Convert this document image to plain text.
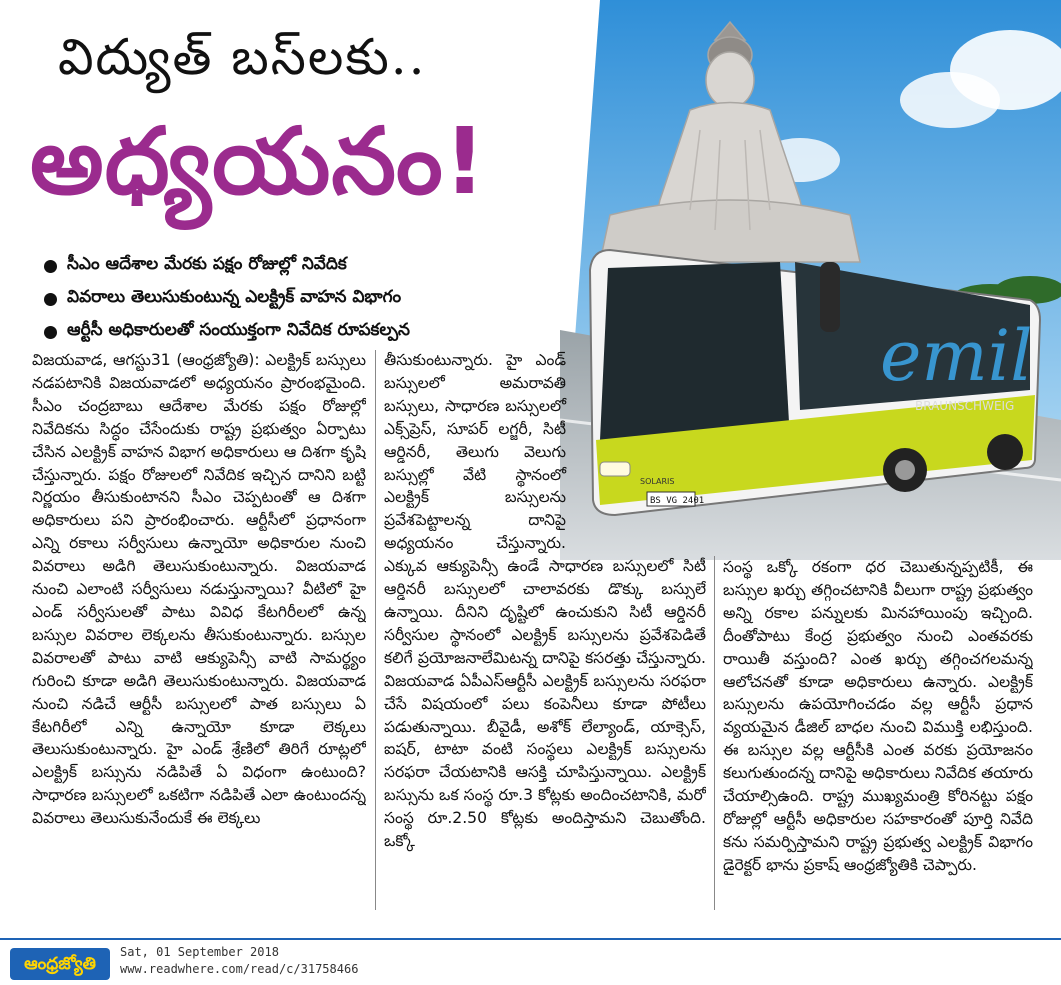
BS VG 2401
SOLARIS
emil
BRAUNSCHWEIG
విద్యుత్ బస్‌లకు..
అధ్యయనం!
సీఎం ఆదేశాల మేరకు పక్షం రోజుల్లో నివేదిక
వివరాలు తెలుసుకుంటున్న ఎలక్ట్రిక్ వాహన విభాగం
ఆర్టీసీ అధికారులతో సంయుక్తంగా నివేదిక రూపకల్పన
విజయవాడ, ఆగస్టు31 (ఆంధ్రజ్యోతి): ఎలక్ట్రిక్ బస్సులు నడపటానికి విజయవాడలో అధ్యయనం ప్రారంభమైంది. సీఎం చంద్రబాబు ఆదేశాల మేరకు పక్షం రోజుల్లో నివేదికను సిద్ధం చేసేందుకు రాష్ట్ర ప్రభుత్వం ఏర్పాటు చేసిన ఎలక్ట్రిక్ వాహన విభాగ అధికారులు ఆ దిశగా కృషి చేస్తున్నారు. పక్షం రోజులలో నివేదిక ఇచ్చిన దానిని బట్టి నిర్ణయం తీసుకుంటానని సీఎం చెప్పటంతో ఆ దిశగా అధికారులు పని ప్రారంభించారు. ఆర్టీసీలో ప్రధానంగా ఎన్ని రకాలు సర్వీసులు ఉన్నాయో అధికారుల నుంచి వివరాలు అడిగి తెలుసుకుంటున్నారు. విజయవాడ నుంచి ఎలాంటి సర్వీసులు నడుస్తున్నాయి? వీటిలో హై ఎండ్ సర్వీసులతో పాటు వివిధ కేటగిరీలలో ఉన్న బస్సుల వివరాల లెక్కలను తీసుకుంటున్నారు. బస్సుల వివరాలతో పాటు వాటి ఆక్యుపెన్సీ వాటి సామర్థ్యం గురించి కూడా అడిగి తెలుసుకుంటున్నారు. విజయవాడ నుంచి నడిచే ఆర్టీసీ బస్సులలో పాత బస్సులు ఏ కేటగిరీలో ఎన్ని ఉన్నాయో కూడా లెక్కలు తెలుసుకుంటున్నారు. హై ఎండ్ శ్రేణిలో తిరిగే రూట్లలో ఎలక్ట్రిక్ బస్సును నడిపితే ఏ విధంగా ఉంటుంది? సాధారణ బస్సులలో ఒకటిగా నడిపితే ఎలా ఉంటుందన్న వివరాలు తెలుసుకునేందుకే ఈ లెక్కలు
తీసుకుంటున్నారు. హై ఎండ్ బస్సులలో అమరావతి బస్సులు, సాధారణ బస్సులలో ఎక్స్‌ప్రెస్, సూపర్ లగ్జరీ, సిటీ ఆర్డినరీ, తెలుగు వెలుగు బస్సుల్లో వేటి స్థానంలో ఎలక్ట్రిక్ బస్సులను ప్రవేశపెట్టాలన్న దానిపై అధ్యయనం చేస్తున్నారు. ఎక్కువ ఆక్యుపెన్సీ ఉండే సాధారణ బస్సులలో సిటీ ఆర్డినరీ బస్సులలో చాలావరకు డొక్కు బస్సులే ఉన్నాయి. దీనిని దృష్టిలో ఉంచుకుని సిటీ ఆర్డినరీ సర్వీసుల స్థానంలో ఎలక్ట్రిక్ బస్సులను ప్రవేశపెడితే కలిగే ప్రయోజనాలేమిటన్న దానిపై కసరత్తు చేస్తున్నారు. విజయవాడ ఏపీఎస్ఆర్టీసీ ఎలక్ట్రిక్ బస్సులను సరఫరా చేసే విషయంలో పలు కంపెనీలు కూడా పోటీలు పడుతున్నాయి. బీవైడీ, అశోక్ లేల్యాండ్, యాక్సెస్, ఐషర్, టాటా వంటి సంస్థలు ఎలక్ట్రిక్ బస్సులను సరఫరా చేయటానికి ఆసక్తి చూపిస్తున్నాయి. ఎలక్ట్రిక్ బస్సును ఒక సంస్థ రూ.3 కోట్లకు అందించటానికి, మరో సంస్థ రూ.2.50 కోట్లకు అందిస్తామని చెబుతోంది. ఒక్కో
సంస్థ ఒక్కో రకంగా ధర చెబుతున్నప్పటికీ, ఈ బస్సుల ఖర్చు తగ్గించటానికి వీలుగా రాష్ట్ర ప్రభుత్వం అన్ని రకాల పన్నులకు మినహాయింపు ఇచ్చింది. దీంతోపాటు కేంద్ర ప్రభుత్వం నుంచి ఎంతవరకు రాయితీ వస్తుంది? ఎంత ఖర్చు తగ్గించగలమన్న ఆలోచనతో కూడా అధికారులు ఉన్నారు. ఎలక్ట్రిక్ బస్సులను ఉపయోగించడం వల్ల ఆర్టీసీ ప్రధాన వ్యయమైన డీజిల్ బాధల నుంచి విముక్తి లభిస్తుంది. ఈ బస్సుల వల్ల ఆర్టీసీకి ఎంత వరకు ప్రయోజనం కలుగుతుందన్న దానిపై అధికారులు నివేదిక తయారు చేయాల్సిఉంది. రాష్ట్ర ముఖ్యమంత్రి కోరినట్టు పక్షం రోజుల్లో ఆర్టీసీ అధికారుల సహకారంతో పూర్తి నివేది కను సమర్పిస్తామని రాష్ట్ర ప్రభుత్వ ఎలక్ట్రిక్ విభాగం డైరెక్టర్ భాను ప్రకాష్ ఆంధ్రజ్యోతికి చెప్పారు.
ఆంధ్రజ్యోతి
Sat, 01 September 2018
www.readwhere.com/read/c/31758466
